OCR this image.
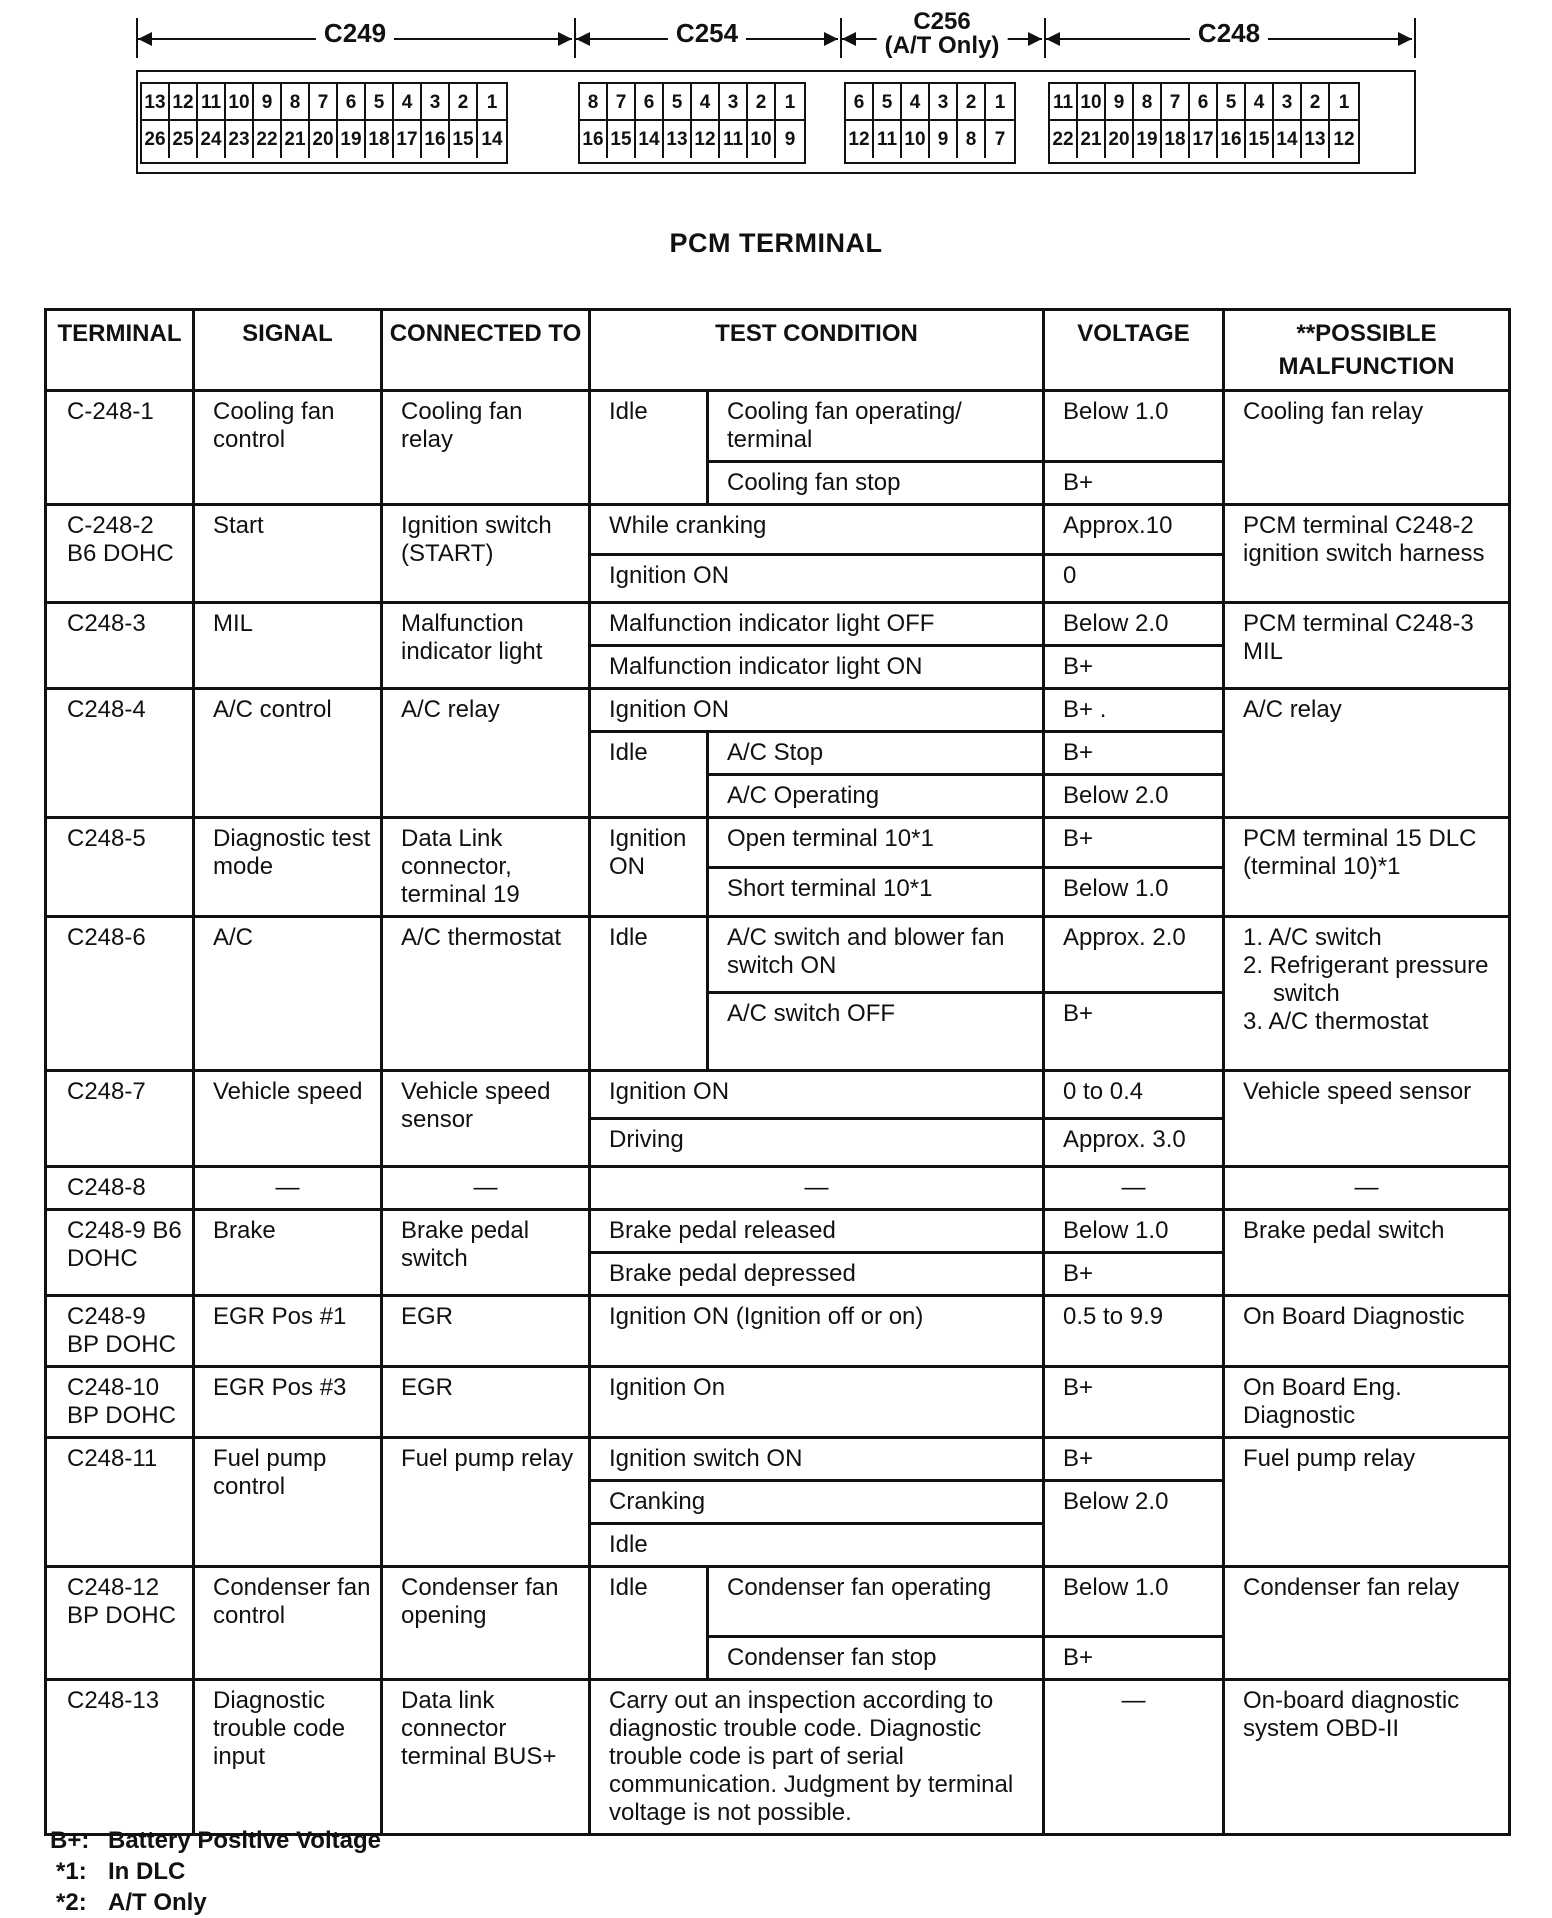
C249	C254	C256
(A/T Only)	C248
13 12 11 10 9 8 7 6 5 4 3 2 1
26 25 24 23 22 21 20 19 18 17 16 15 14
8 7 6 5 4 3 2 1
16 15 14 13 12 11 10 9
6 5 4 3 2 1
12 11 10 9 8 7
11 10 9 8 7 6 5 4 3 2 1
22 21 20 19 18 17 16 15 14 13 12
PCM TERMINAL
TERMINAL	SIGNAL	CONNECTED TO	TEST CONDITION		VOLTAGE	**POSSIBLE MALFUNCTION
C-248-1	Cooling fan control	Cooling fan relay	Idle	Cooling fan operating/ terminal	Below 1.0	Cooling fan relay
				Cooling fan stop	B+	
C-248-2 B6 DOHC	Start	Ignition switch (START)	While cranking		Approx.10	PCM terminal C248-2 ignition switch harness
			Ignition ON		0	
C248-3	MIL	Malfunction indicator light	Malfunction indicator light OFF		Below 2.0	PCM terminal C248-3 MIL
			Malfunction indicator light ON		B+	
C248-4	A/C control	A/C relay	Ignition ON		B+ .	A/C relay
			Idle	A/C Stop	B+	
				A/C Operating	Below 2.0	
C248-5	Diagnostic test mode	Data Link connector, terminal 19	Ignition ON	Open terminal 10*1	B+	PCM terminal 15 DLC (terminal 10)*1
				Short terminal 10*1	Below 1.0	
C248-6	A/C	A/C thermostat	Idle	A/C switch and blower fan switch ON	Approx. 2.0	1. A/C switch
2. Refrigerant pressure switch
3. A/C thermostat

				A/C switch OFF	B+	
C248-7	Vehicle speed	Vehicle speed sensor	Ignition ON		0 to 0.4	Vehicle speed sensor
			Driving		Approx. 3.0	
C248-8	—	—	—		—	—
C248-9 B6 DOHC	Brake	Brake pedal switch	Brake pedal released		Below 1.0	Brake pedal switch
			Brake pedal depressed		B+	
C248-9 BP DOHC	EGR Pos #1	EGR	Ignition ON (Ignition off or on)		0.5 to 9.9	On Board Diagnostic
C248-10 BP DOHC	EGR Pos #3	EGR	Ignition On		B+	On Board Eng. Diagnostic
C248-11	Fuel pump control	Fuel pump relay	Ignition switch ON		B+	Fuel pump relay
			Cranking		Below 2.0	
			Idle			
C248-12 BP DOHC	Condenser fan control	Condenser fan opening	Idle	Condenser fan operating	Below 1.0	Condenser fan relay
				Condenser fan stop	B+	
C248-13	Diagnostic trouble code input	Data link connector terminal BUS+	Carry out an inspection according to diagnostic trouble code. Diagnostic trouble code is part of serial communication. Judgment by terminal voltage is not possible.		—	On-board diagnostic system OBD-II
B+: Battery Positive Voltage
*1: In DLC
*2: A/T Only
